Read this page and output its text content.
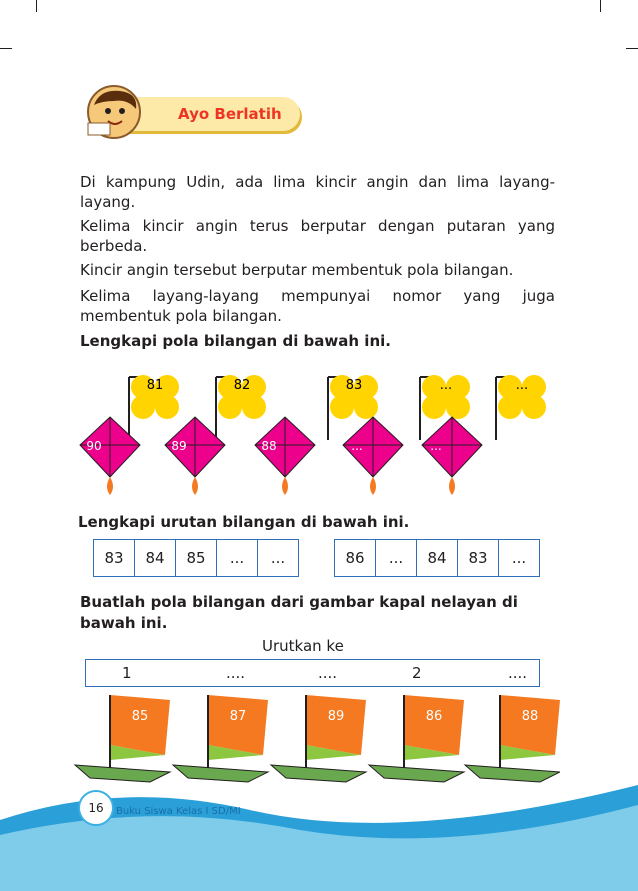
Ayo Berlatih
Di kampung Udin, ada lima kincir angin dan lima layang-layang.
Kelima kincir angin terus berputar dengan putaran yang berbeda.
Kincir angin tersebut berputar membentuk pola bilangan.
Kelima layang-layang mempunyai nomor yang juga membentuk pola bilangan.
Lengkapi pola bilangan di bawah ini.
81	82	83	...	...
90	89	88	...	...
Lengkapi urutan bilangan di bawah ini.
83	84	85	...	...	86	...	84	83	...
Buatlah pola bilangan dari gambar kapal nelayan di bawah ini.
Urutkan ke
1	....	....	2	....
85	87	89	86	88
16	Buku Siswa Kelas I SD/MI
